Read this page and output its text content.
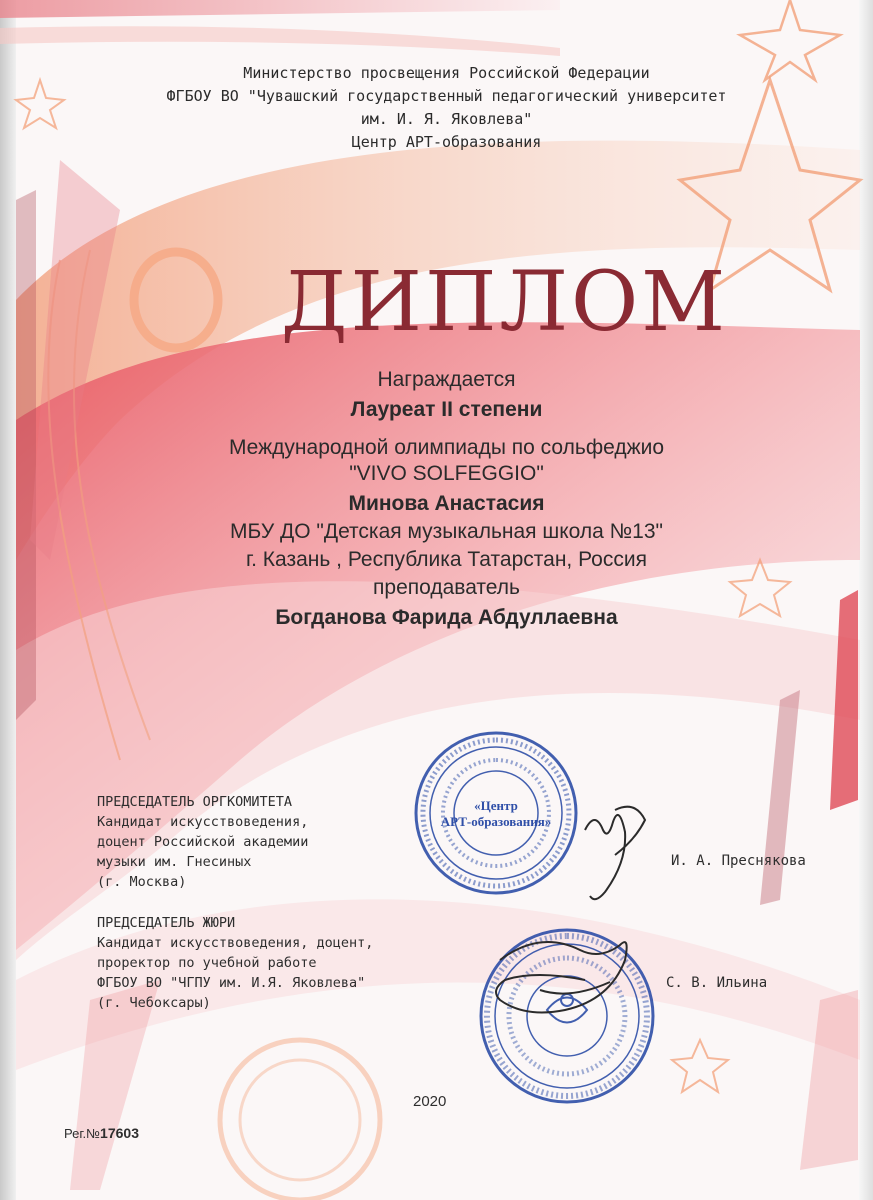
«Центр
АРТ-образования»
Министерство просвещения Российской Федерации
ФГБОУ ВО "Чувашский государственный педагогический университет
им. И. Я. Яковлева"
Центр АРТ-образования
ДИПЛОМ
Награждается
Лауреат II степени
Международной олимпиады по сольфеджио
"VIVO SOLFEGGIO"
Минова Анастасия
МБУ ДО "Детская музыкальная школа №13"
г. Казань , Республика Татарстан, Россия
преподаватель
Богданова Фарида Абдуллаевна
ПРЕДСЕДАТЕЛЬ ОРГКОМИТЕТА
Кандидат искусствоведения,
доцент Российской академии
музыки им. Гнесиных
(г. Москва)
И. А. Преснякова
ПРЕДСЕДАТЕЛЬ ЖЮРИ
Кандидат искусствоведения, доцент,
проректор по учебной работе
ФГБОУ ВО "ЧГПУ им. И.Я. Яковлева"
(г. Чебоксары)
С. В. Ильина
2020
Рег.№17603
